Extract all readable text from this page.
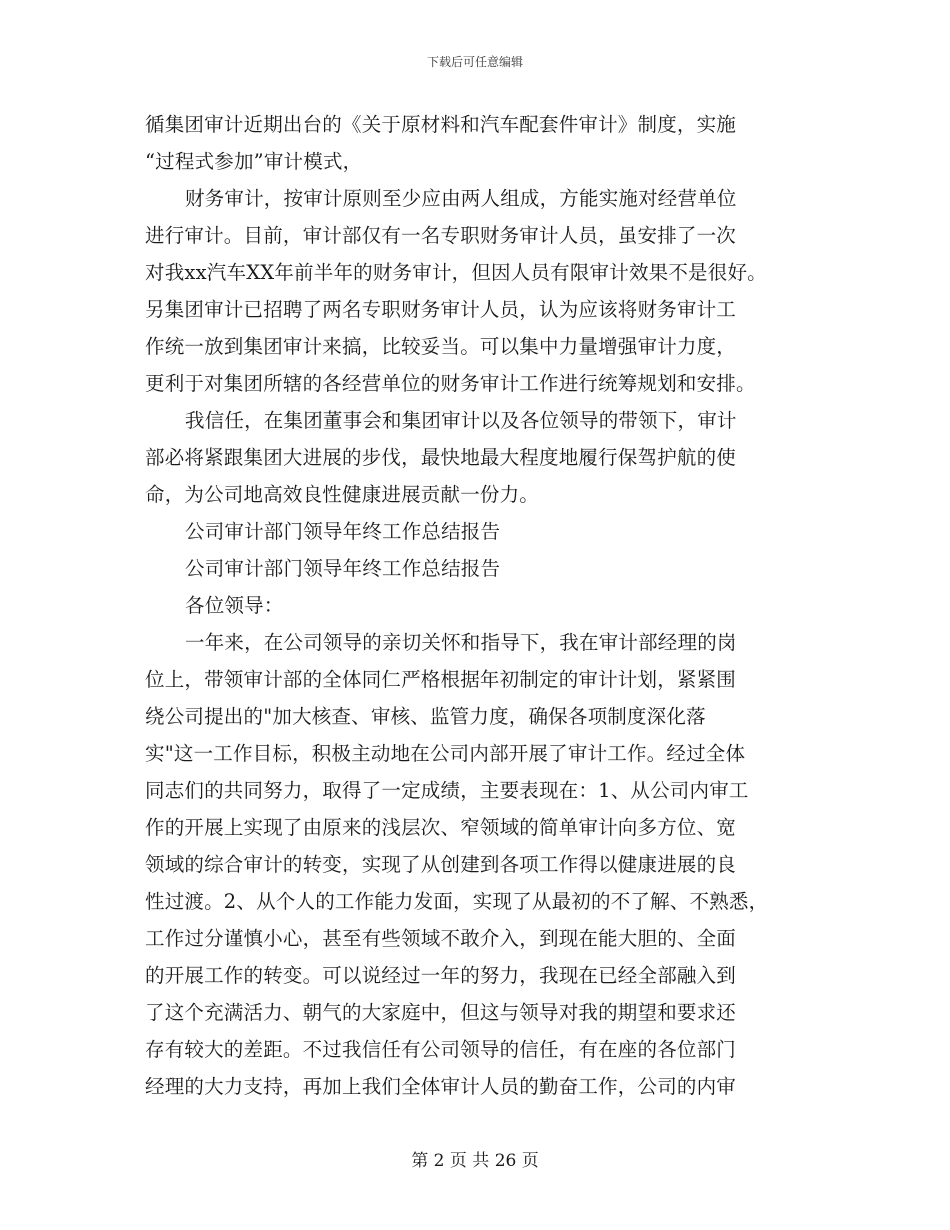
下载后可任意编辑
循集团审计近期出台的《关于原材料和汽车配套件审计》制度，实施
“过程式参加”审计模式，
财务审计，按审计原则至少应由两人组成，方能实施对经营单位
进行审计。目前，审计部仅有一名专职财务审计人员，虽安排了一次
对我xx汽车XX年前半年的财务审计，但因人员有限审计效果不是很好。
另集团审计已招聘了两名专职财务审计人员，认为应该将财务审计工
作统一放到集团审计来搞，比较妥当。可以集中力量增强审计力度，
更利于对集团所辖的各经营单位的财务审计工作进行统筹规划和安排。
我信任，在集团董事会和集团审计以及各位领导的带领下，审计
部必将紧跟集团大进展的步伐，最快地最大程度地履行保驾护航的使
命，为公司地高效良性健康进展贡献一份力。
公司审计部门领导年终工作总结报告
公司审计部门领导年终工作总结报告
各位领导：
一年来，在公司领导的亲切关怀和指导下，我在审计部经理的岗
位上，带领审计部的全体同仁严格根据年初制定的审计计划，紧紧围
绕公司提出的"加大核查、审核、监管力度，确保各项制度深化落
实"这一工作目标，积极主动地在公司内部开展了审计工作。经过全体
同志们的共同努力，取得了一定成绩，主要表现在：1、从公司内审工
作的开展上实现了由原来的浅层次、窄领域的简单审计向多方位、宽
领域的综合审计的转变，实现了从创建到各项工作得以健康进展的良
性过渡。2、从个人的工作能力发面，实现了从最初的不了解、不熟悉，
工作过分谨慎小心，甚至有些领域不敢介入，到现在能大胆的、全面
的开展工作的转变。可以说经过一年的努力，我现在已经全部融入到
了这个充满活力、朝气的大家庭中，但这与领导对我的期望和要求还
存有较大的差距。不过我信任有公司领导的信任，有在座的各位部门
经理的大力支持，再加上我们全体审计人员的勤奋工作，公司的内审
第 2 页 共 26 页
